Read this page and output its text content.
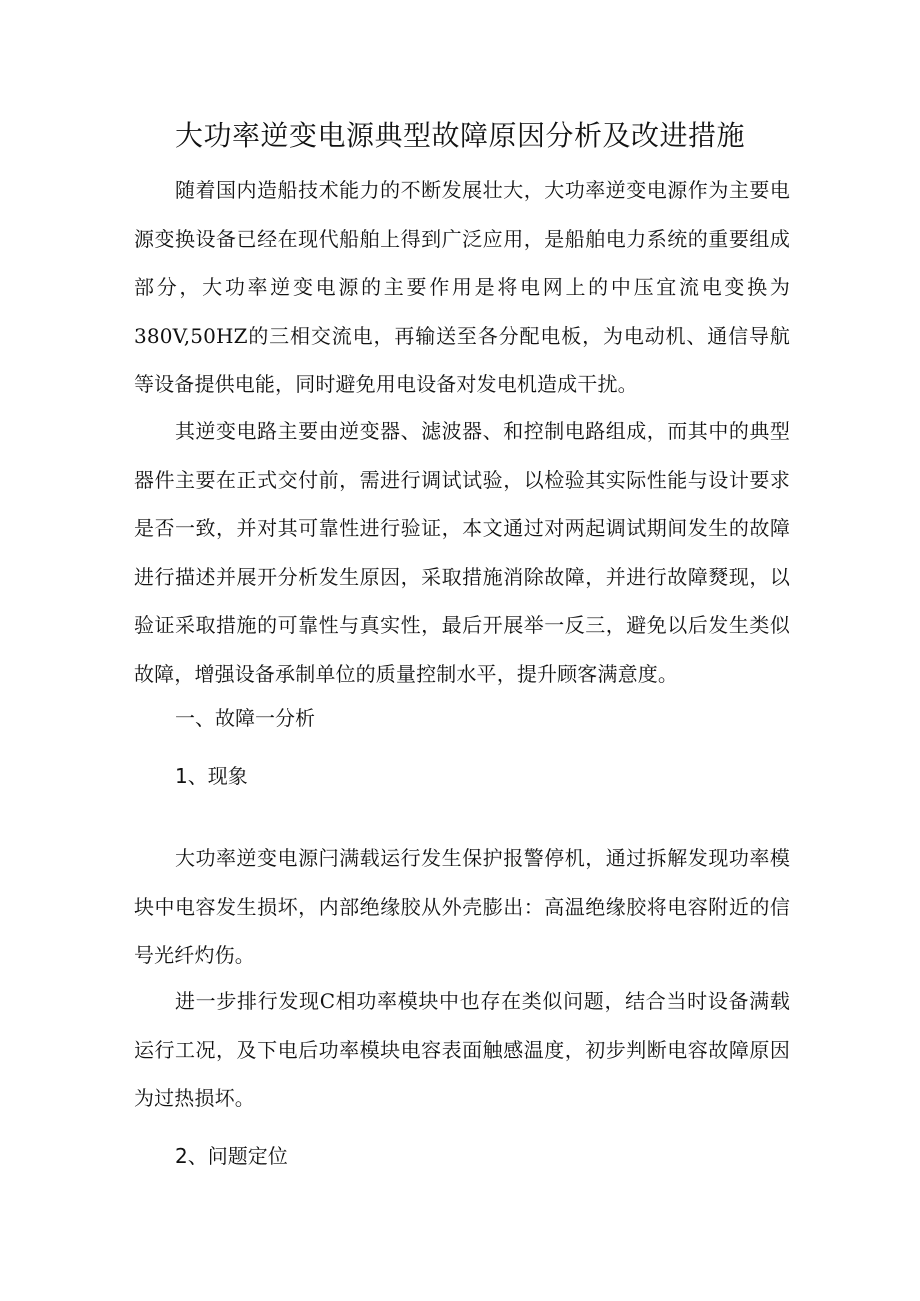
大功率逆变电源典型故障原因分析及改进措施

随着国内造船技术能力的不断发展壮大，大功率逆变电源作为主要电源变换设备已经在现代船舶上得到广泛应用，是船舶电力系统的重要组成部分，大功率逆变电源的主要作用是将电网上的中压宜流电变换为380V,50HZ的三相交流电，再输送至各分配电板，为电动机、通信导航等设备提供电能，同时避免用电设备对发电机造成干扰。

其逆变电路主要由逆变器、滤波器、和控制电路组成，而其中的典型器件主要在正式交付前，需进行调试试验，以检验其实际性能与设计要求是否一致，并对其可靠性进行验证，本文通过对两起调试期间发生的故障进行描述并展开分析发生原因，采取措施消除故障，并进行故障燹现，以验证采取措施的可靠性与真实性，最后开展举一反三，避免以后发生类似故障，增强设备承制单位的质量控制水平，提升顾客满意度。

一、故障一分析
1、现象

大功率逆变电源闩满载运行发生保护报警停机，通过拆解发现功率模块中电容发生损坏，内部绝缘胶从外壳膨出：高温绝缘胶将电容附近的信号光纤灼伤。

进一步排行发现C相功率模块中也存在类似问题，结合当时设备满载运行工况，及下电后功率模块电容表面触感温度，初步判断电容故障原因为过热损坏。

2、问题定位
